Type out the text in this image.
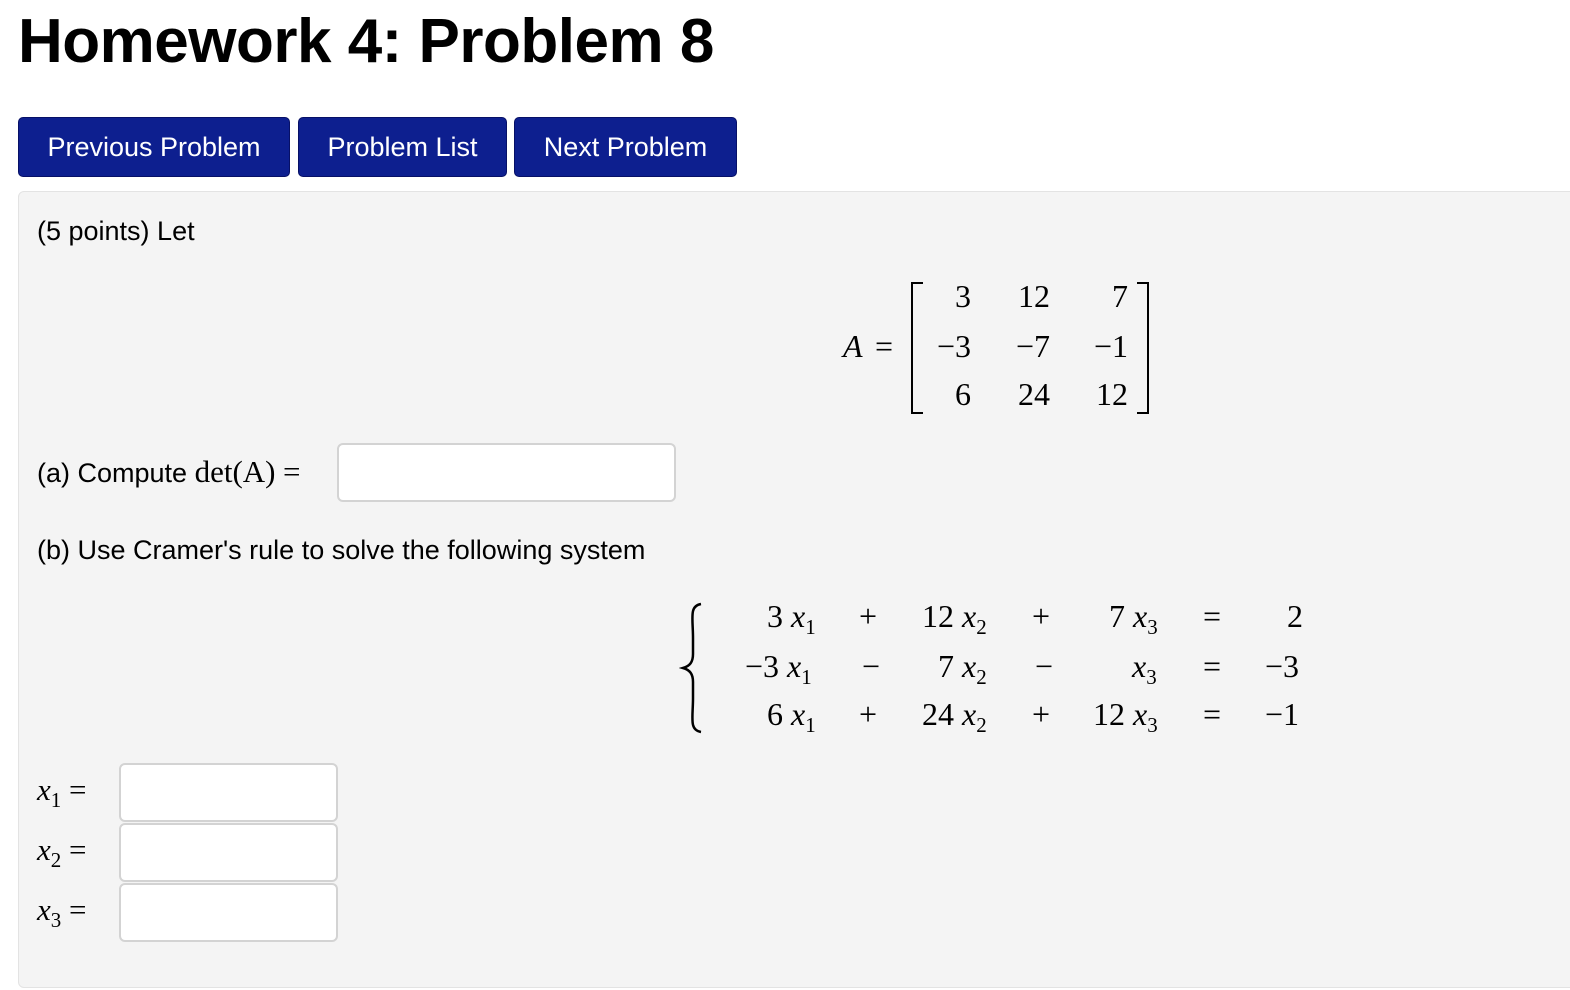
Homework 4: Problem 8
Previous Problem	Problem List	Next Problem
(5 points) Let
A =
3	12	7
−3	−7	−1
6	24	12
(a) Compute det(A) =
(b) Use Cramer's rule to solve the following system
3 $x_1 + 12$ $x_2 + 7$ $x_3 = 2$
−3 $x_1 - 7$ $x_2 - x_3 = -3$
6 $x_1 + 24$ $x_2 + 12$ $x_3 = -1$
$x_1$ =
$x_2$ =
$x_3$ =
